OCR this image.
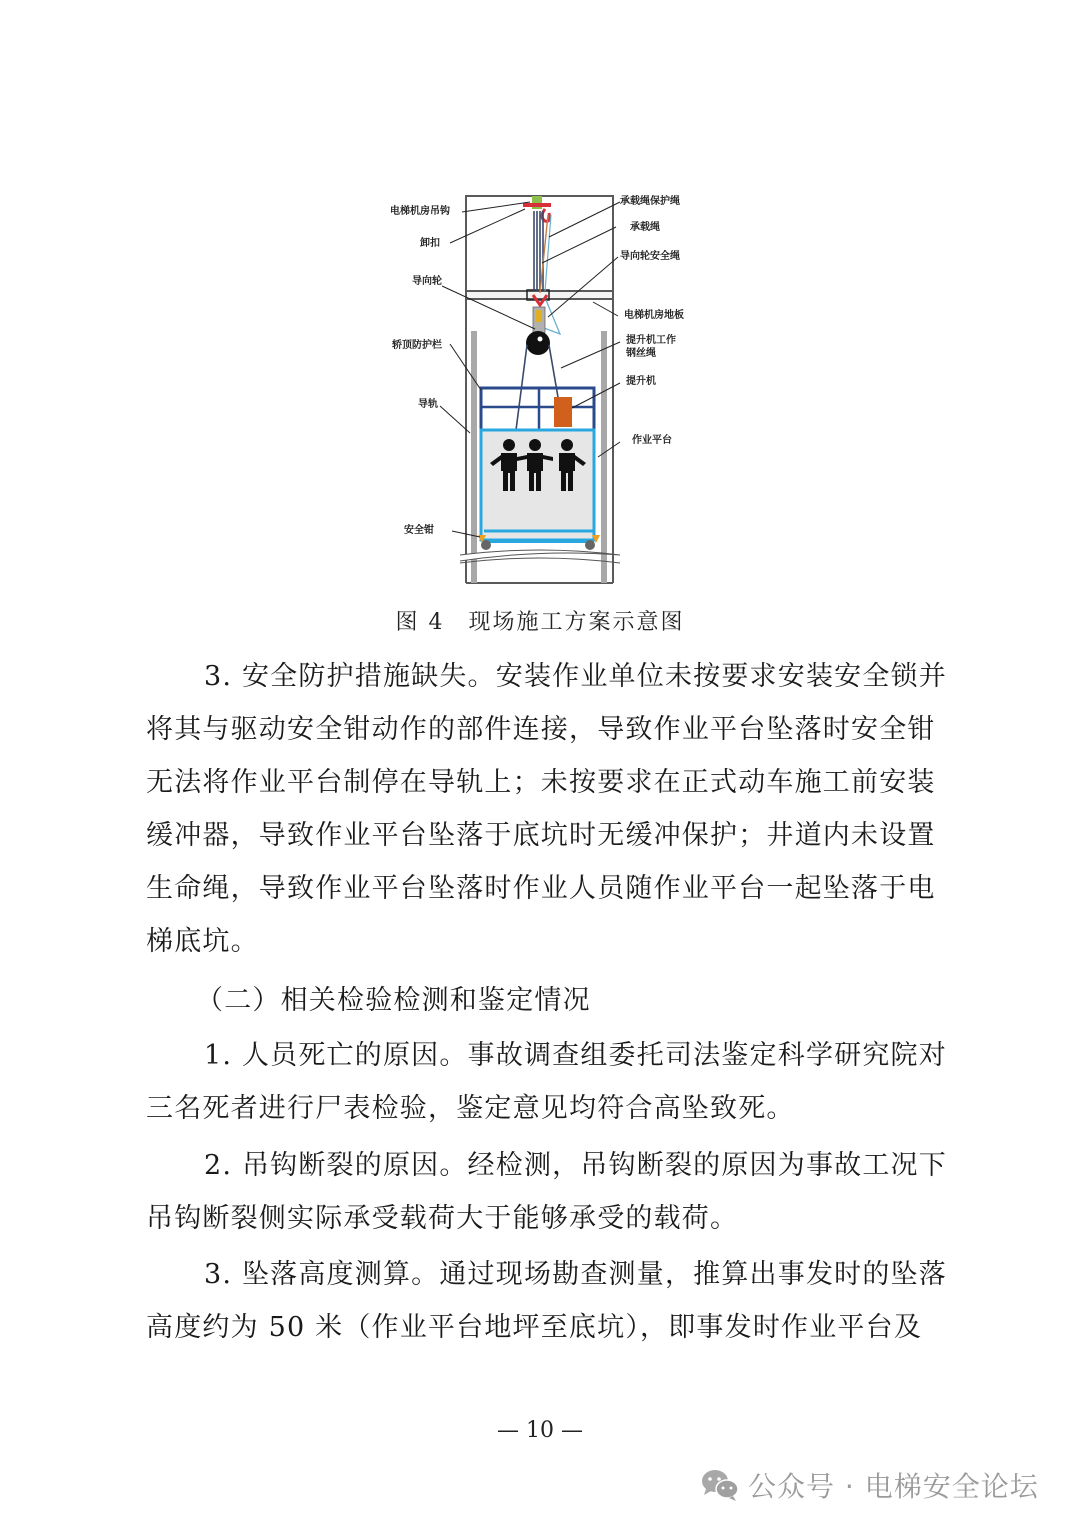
电梯机房吊钩
卸扣
导向轮
轿顶防护栏
导轨
安全钳
承载绳保护绳
承载绳
导向轮安全绳
电梯机房地板
提升机工作
钢丝绳
提升机
作业平台
图 4　现场施工方案示意图
3. 安全防护措施缺失。安装作业单位未按要求安装安全锁并
将其与驱动安全钳动作的部件连接，导致作业平台坠落时安全钳
无法将作业平台制停在导轨上；未按要求在正式动车施工前安装
缓冲器，导致作业平台坠落于底坑时无缓冲保护；井道内未设置
生命绳，导致作业平台坠落时作业人员随作业平台一起坠落于电
梯底坑。
（二）相关检验检测和鉴定情况
1. 人员死亡的原因。事故调查组委托司法鉴定科学研究院对
三名死者进行尸表检验，鉴定意见均符合高坠致死。
2. 吊钩断裂的原因。经检测，吊钩断裂的原因为事故工况下
吊钩断裂侧实际承受载荷大于能够承受的载荷。
3. 坠落高度测算。通过现场勘查测量，推算出事发时的坠落
高度约为 50 米（作业平台地坪至底坑），即事发时作业平台及
— 10 —
公众号 · 电梯安全论坛
